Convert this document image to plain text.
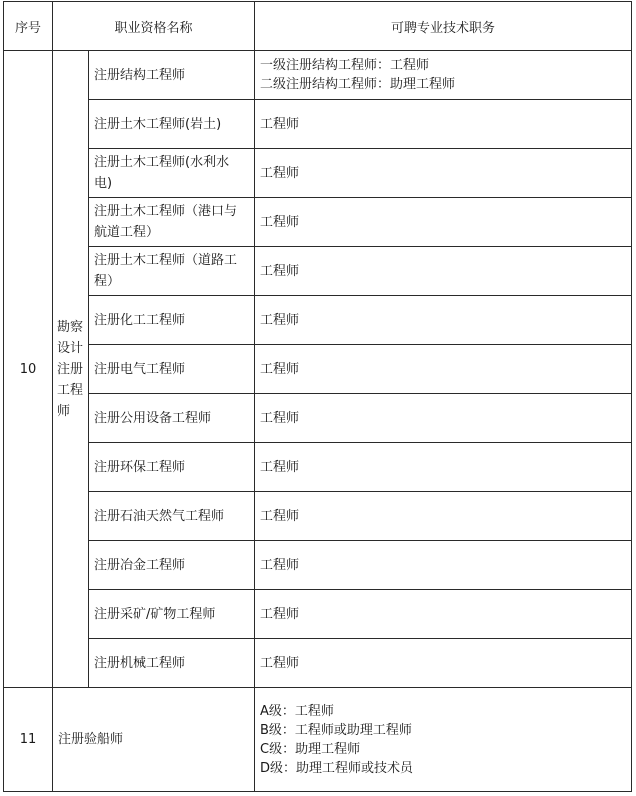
序号	职业资格名称		可聘专业技术职务
10	勘察设计注册工程师	注册结构工程师	一级注册结构工程师：工程师
二级注册结构工程师：助理工程师

		注册土木工程师(岩土)	工程师

		注册土木工程师(水利水电)	工程师

		注册土木工程师（港口与航道工程）	工程师

		注册土木工程师（道路工程）	工程师

		注册化工工程师	工程师

		注册电气工程师	工程师

		注册公用设备工程师	工程师

		注册环保工程师	工程师

		注册石油天然气工程师	工程师

		注册冶金工程师	工程师

		注册采矿/矿物工程师	工程师

		注册机械工程师	工程师

11	注册验船师		A级：工程师
B级：工程师或助理工程师
C级：助理工程师
D级：助理工程师或技术员
